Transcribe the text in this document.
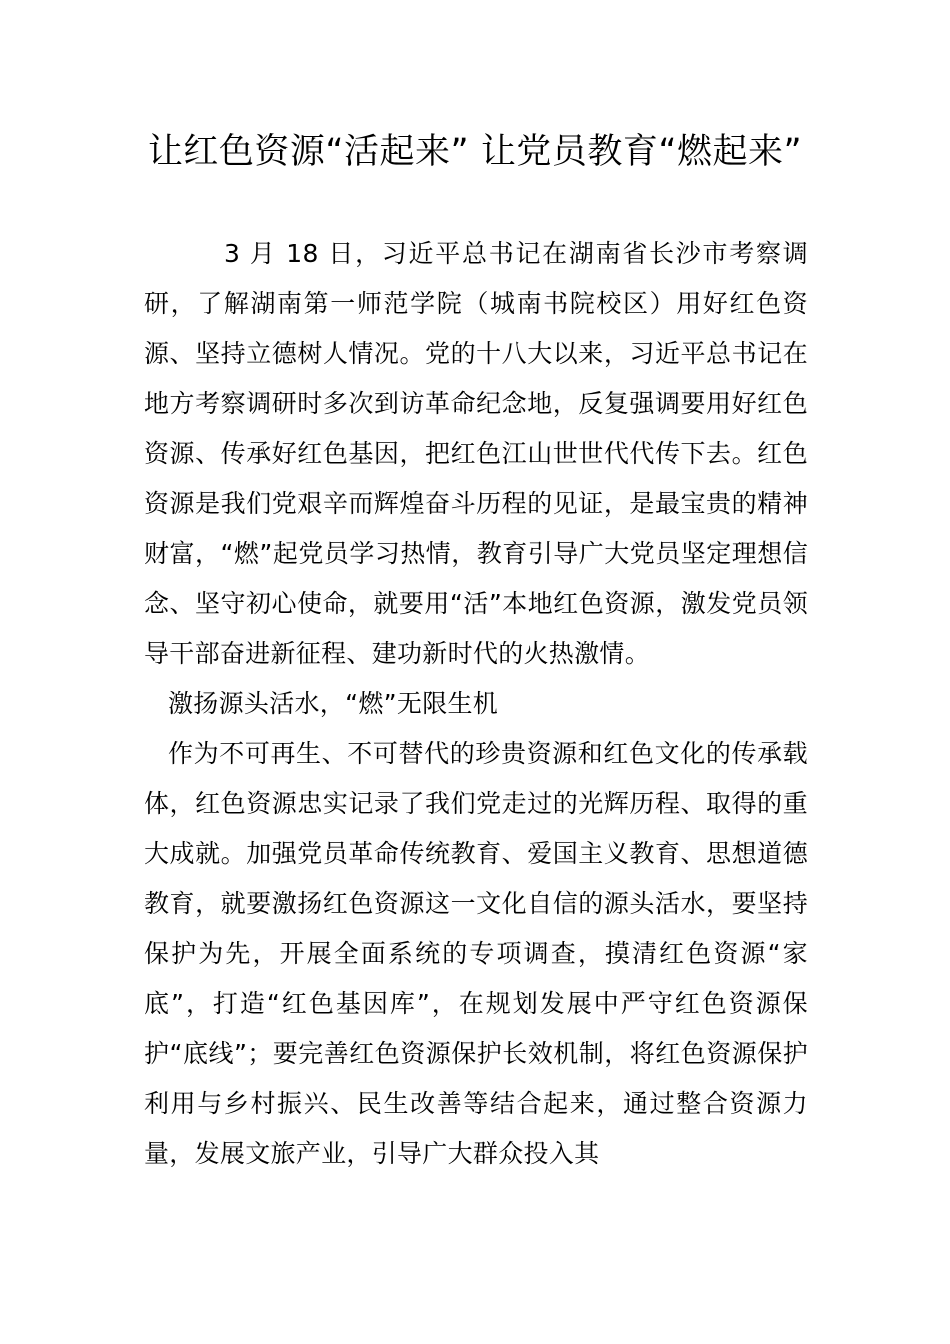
让红色资源“活起来” 让党员教育“燃起来”

3 月 18 日，习近平总书记在湖南省长沙市考察调研，了解湖南第一师范学院（城南书院校区）用好红色资源、坚持立德树人情况。党的十八大以来，习近平总书记在地方考察调研时多次到访革命纪念地，反复强调要用好红色资源、传承好红色基因，把红色江山世世代代传下去。红色资源是我们党艰辛而辉煌奋斗历程的见证，是最宝贵的精神财富，“燃”起党员学习热情，教育引导广大党员坚定理想信念、坚守初心使命，就要用“活”本地红色资源，激发党员领导干部奋进新征程、建功新时代的火热激情。

激扬源头活水，“燃”无限生机

作为不可再生、不可替代的珍贵资源和红色文化的传承载体，红色资源忠实记录了我们党走过的光辉历程、取得的重大成就。加强党员革命传统教育、爱国主义教育、思想道德教育，就要激扬红色资源这一文化自信的源头活水，要坚持保护为先，开展全面系统的专项调查，摸清红色资源“家底”，打造“红色基因库”，在规划发展中严守红色资源保护“底线”；要完善红色资源保护长效机制，将红色资源保护利用与乡村振兴、民生改善等结合起来，通过整合资源力量，发展文旅产业，引导广大群众投入其
